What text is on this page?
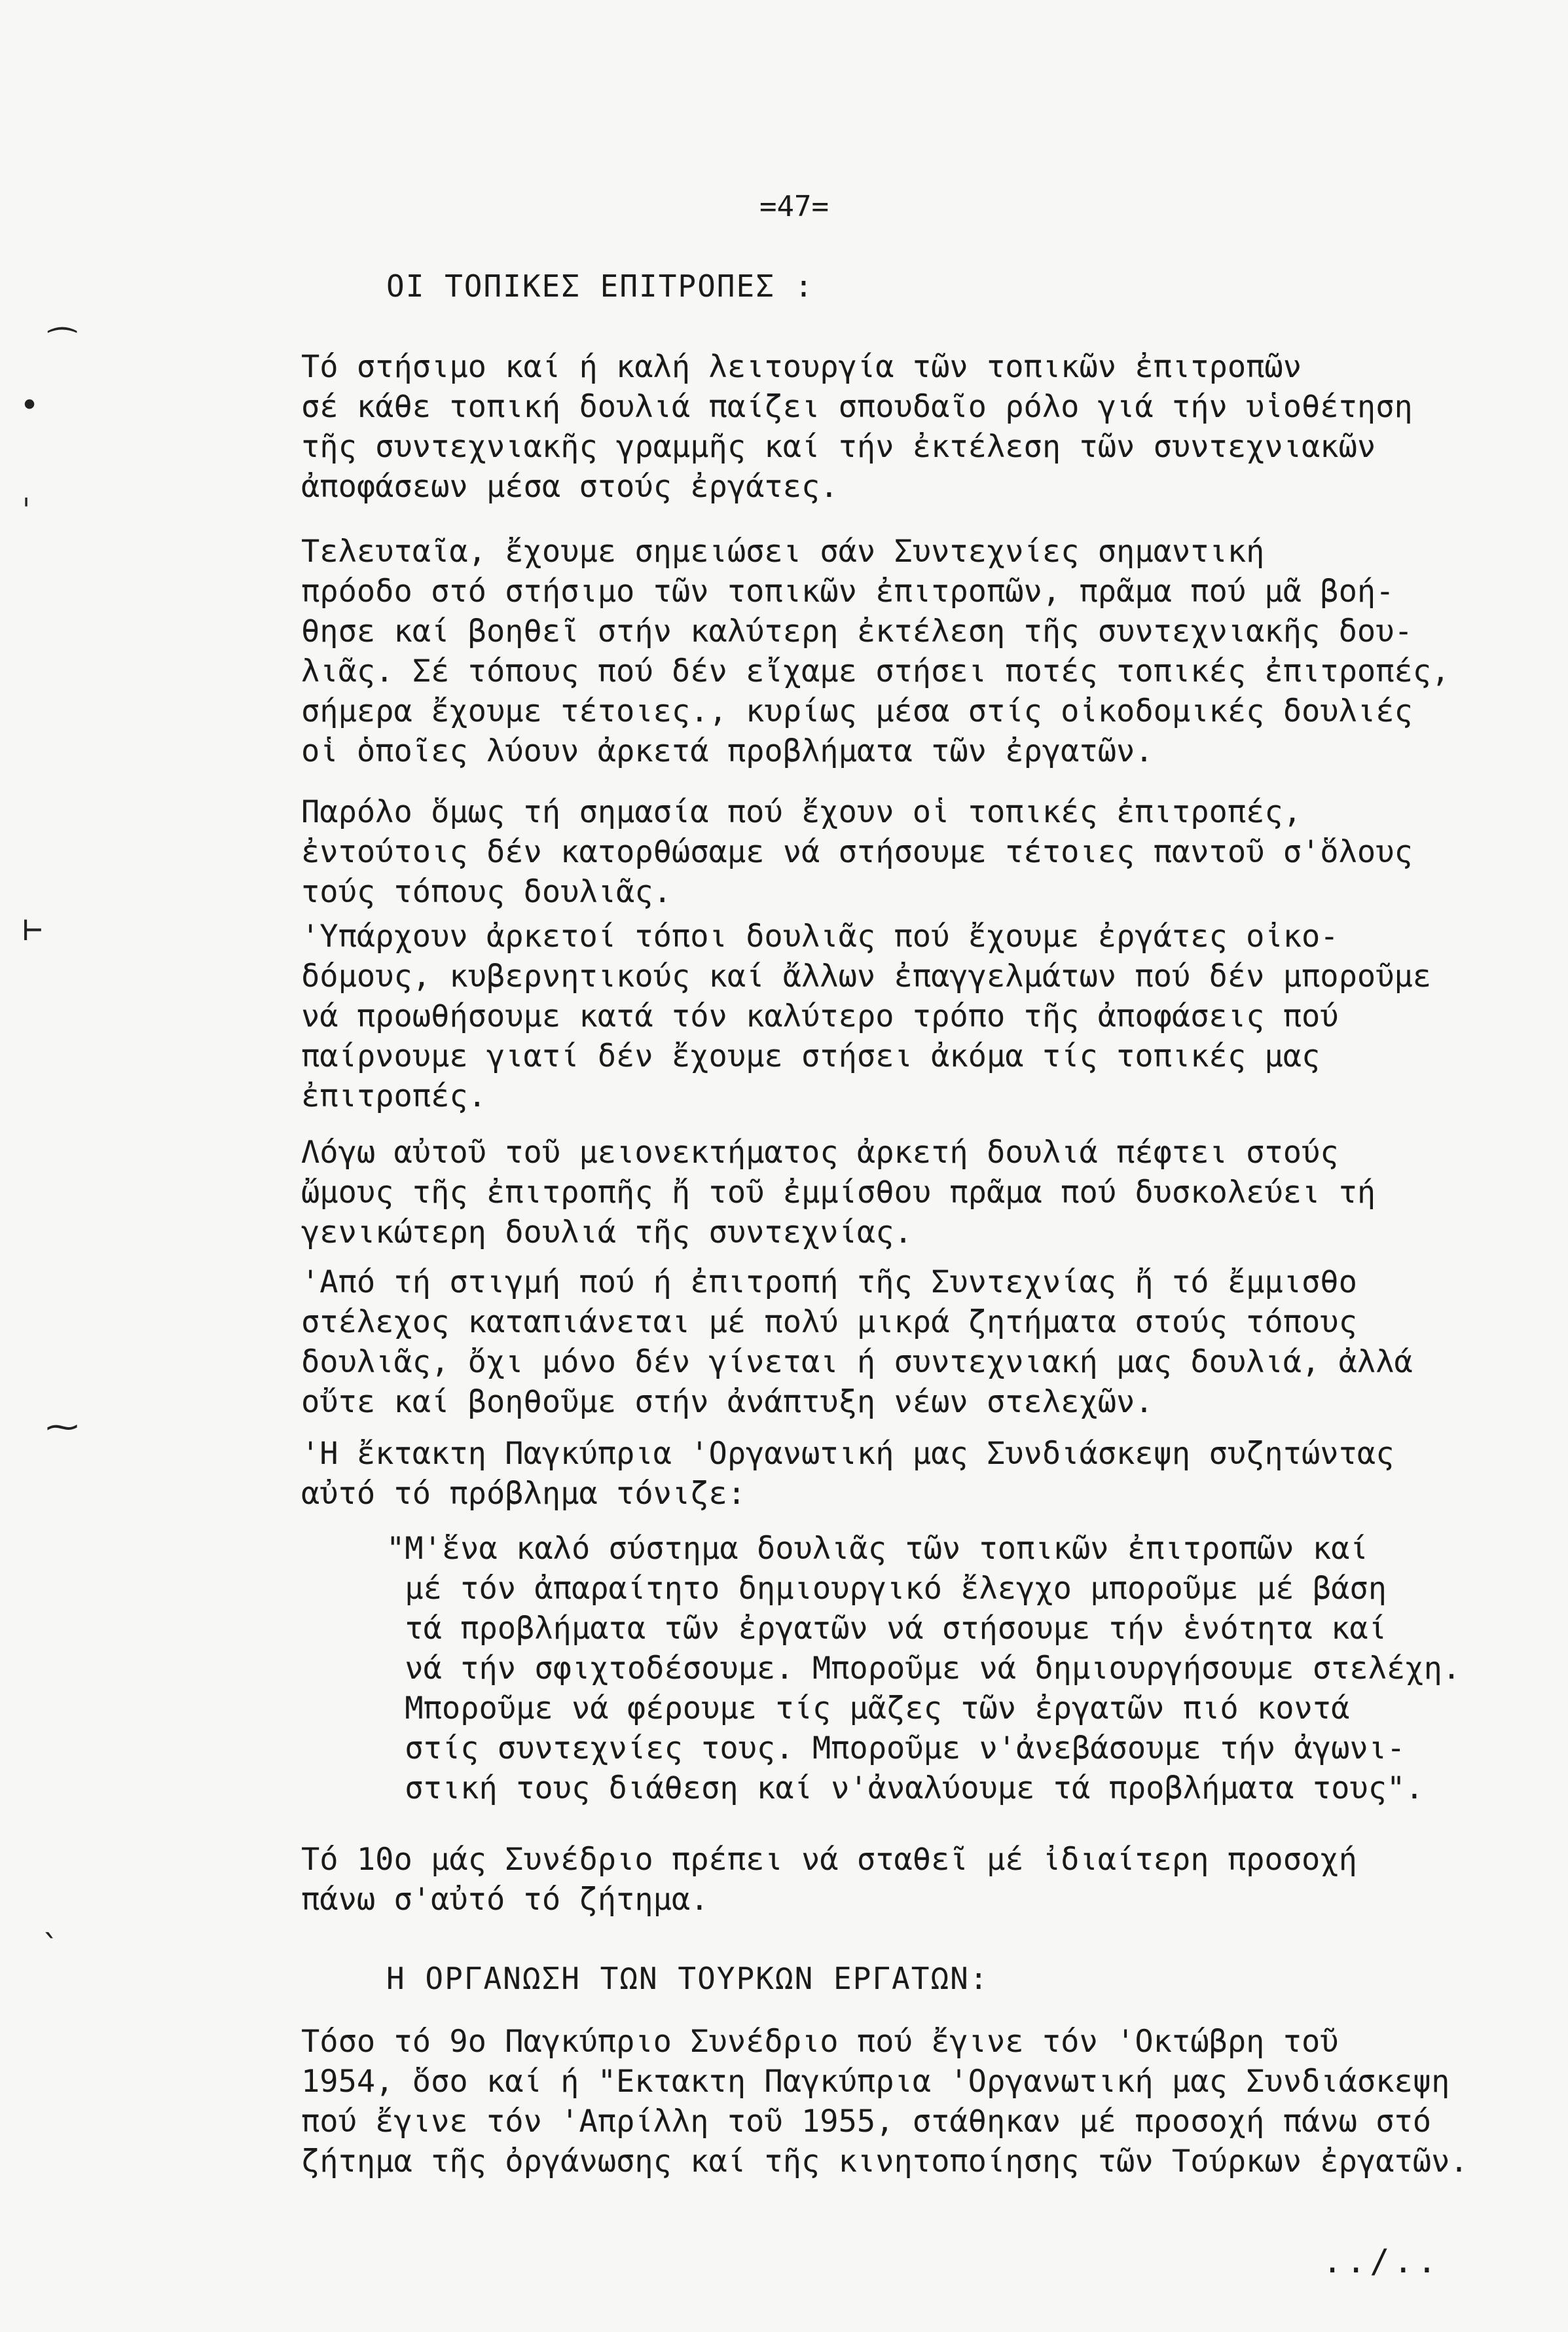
=47=
ΟΙ ΤΟΠΙΚΕΣ ΕΠΙΤΡΟΠΕΣ :
Τό στήσιμο καί ή καλή λειτουργία τῶν τοπικῶν ἐπιτροπῶν
σέ κάθε τοπική δουλιά παίζει σπουδαῖο ρόλο γιά τήν υἱοθέτηση
τῆς συντεχνιακῆς γραμμῆς καί τήν ἐκτέλεση τῶν συντεχνιακῶν
ἀποφάσεων μέσα στούς ἐργάτες.
Τελευταῖα, ἔχουμε σημειώσει σάν Συντεχνίες σημαντική
πρόοδο στό στήσιμο τῶν τοπικῶν ἐπιτροπῶν, πρᾶμα πού μᾶ βοή-
θησε καί βοηθεῖ στήν καλύτερη ἐκτέλεση τῆς συντεχνιακῆς δου-
λιᾶς. Σέ τόπους πού δέν εἴχαμε στήσει ποτές τοπικές ἐπιτροπές,
σήμερα ἔχουμε τέτοιες., κυρίως μέσα στίς οἰκοδομικές δουλιές
οἱ ὁποῖες λύουν ἀρκετά προβλήματα τῶν ἐργατῶν.
Παρόλο ὅμως τή σημασία πού ἔχουν οἱ τοπικές ἐπιτροπές,
ἐντούτοις δέν κατορθώσαμε νά στήσουμε τέτοιες παντοῦ σ'ὅλους
τούς τόπους δουλιᾶς.
'Υπάρχουν ἀρκετοί τόποι δουλιᾶς πού ἔχουμε ἐργάτες οἰκο-
δόμους, κυβερνητικούς καί ἄλλων ἐπαγγελμάτων πού δέν μποροῦμε
νά προωθήσουμε κατά τόν καλύτερο τρόπο τῆς ἀποφάσεις πού
παίρνουμε γιατί δέν ἔχουμε στήσει ἀκόμα τίς τοπικές μας
ἐπιτροπές.
Λόγω αὐτοῦ τοῦ μειονεκτήματος ἀρκετή δουλιά πέφτει στούς
ὤμους τῆς ἐπιτροπῆς ἤ τοῦ ἐμμίσθου πρᾶμα πού δυσκολεύει τή
γενικώτερη δουλιά τῆς συντεχνίας.
'Από τή στιγμή πού ή ἐπιτροπή τῆς Συντεχνίας ἤ τό ἔμμισθο
στέλεχος καταπιάνεται μέ πολύ μικρά ζητήματα στούς τόπους
δουλιᾶς, ὄχι μόνο δέν γίνεται ή συντεχνιακή μας δουλιά, ἀλλά
οὔτε καί βοηθοῦμε στήν ἀνάπτυξη νέων στελεχῶν.
'Η ἔκτακτη Παγκύπρια 'Οργανωτική μας Συνδιάσκεψη συζητώντας
αὐτό τό πρόβλημα τόνιζε:
"Μ'ἕνα καλό σύστημα δουλιᾶς τῶν τοπικῶν ἐπιτροπῶν καί
μέ τόν ἀπαραίτητο δημιουργικό ἔλεγχο μποροῦμε μέ βάση
τά προβλήματα τῶν ἐργατῶν νά στήσουμε τήν ἑνότητα καί
νά τήν σφιχτοδέσουμε. Μποροῦμε νά δημιουργήσουμε στελέχη.
Μποροῦμε νά φέρουμε τίς μᾶζες τῶν ἐργατῶν πιό κοντά
στίς συντεχνίες τους. Μποροῦμε ν'ἀνεβάσουμε τήν ἀγωνι-
στική τους διάθεση καί ν'ἀναλύουμε τά προβλήματα τους".
Τό 10ο μάς Συνέδριο πρέπει νά σταθεῖ μέ ἰδιαίτερη προσοχή
πάνω σ'αὐτό τό ζήτημα.
Η ΟΡΓΑΝΩΣΗ ΤΩΝ ΤΟΥΡΚΩΝ ΕΡΓΑΤΩΝ:
Τόσο τό 9ο Παγκύπριο Συνέδριο πού ἔγινε τόν 'Οκτώβρη τοῦ
1954, ὅσο καί ή "Εκτακτη Παγκύπρια 'Οργανωτική μας Συνδιάσκεψη
πού ἔγινε τόν 'Απρίλλη τοῦ 1955, στάθηκαν μέ προσοχή πάνω στό
ζήτημα τῆς ὀργάνωσης καί τῆς κινητοποίησης τῶν Τούρκων ἐργατῶν.
../..
⁀
•
ˌ
⊢
⁓
ˎ
